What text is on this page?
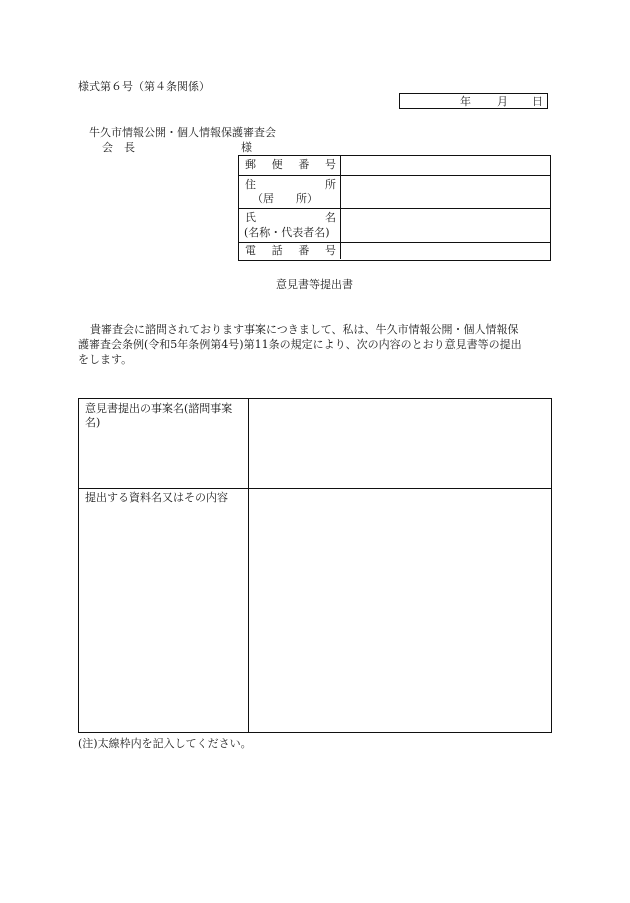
様式第６号（第４条関係）
年 月 日
牛久市情報公開・個人情報保護審査会
会　長	様
郵 便 番 号
住	所
（居　　所）
氏	名
(名称・代表者名)
電 話 番 号
意見書等提出書
貴審査会に諮問されております事案につきまして、私は、牛久市情報公開・個人情報保
護審査会条例(令和5年条例第4号)第11条の規定により、次の内容のとおり意見書等の提出
をします。
意見書提出の事案名(諮問事案名)
提出する資料名又はその内容
(注)太線枠内を記入してください。
